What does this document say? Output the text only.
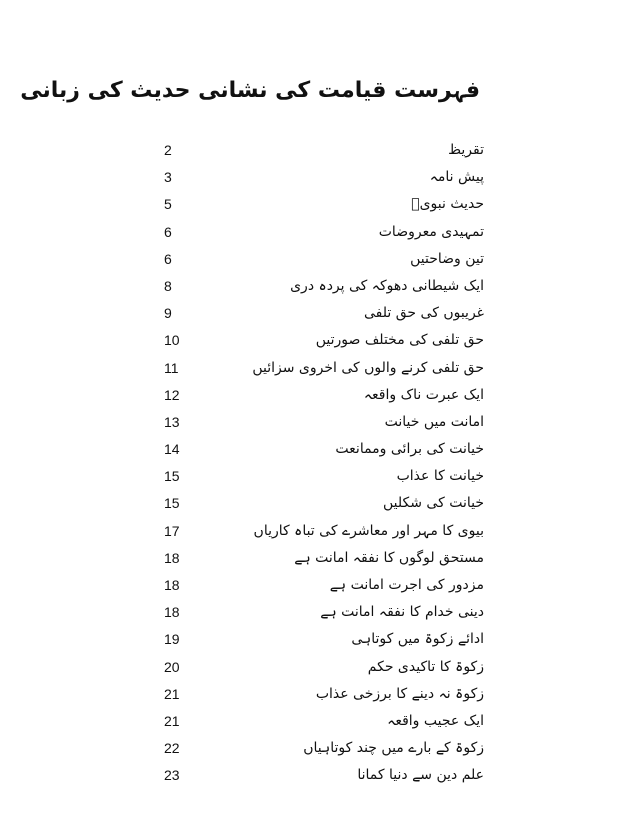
فہرست قیامت کی نشانی حدیث کی زبانی
2	تقریظ
3	پیش نامہ
5	حدیث نبویؐ
6	تمہیدی معروضات
6	تین وضاحتیں
8	ایک شیطانی دھوکہ کی پردہ دری
9	غریبوں کی حق تلفی
10	حق تلفی کی مختلف صورتیں
11	حق تلفی کرنے والوں کی اخروی سزائیں
12	ایک عبرت ناک واقعہ
13	امانت میں خیانت
14	خیانت کی برائی وممانعت
15	خیانت کا عذاب
15	خیانت کی شکلیں
17	بیوی کا مہر اور معاشرے کی تباہ کاریاں
18	مستحق لوگوں کا نفقہ امانت ہے
18	مزدور کی اجرت امانت ہے
18	دینی خدام کا نفقہ امانت ہے
19	ادائے زکوۃ میں کوتاہی
20	زکوۃ کا تاکیدی حکم
21	زکوۃ نہ دینے کا برزخی عذاب
21	ایک عجیب واقعہ
22	زکوۃ کے بارے میں چند کوتاہیاں
23	علم دین سے دنیا کمانا
